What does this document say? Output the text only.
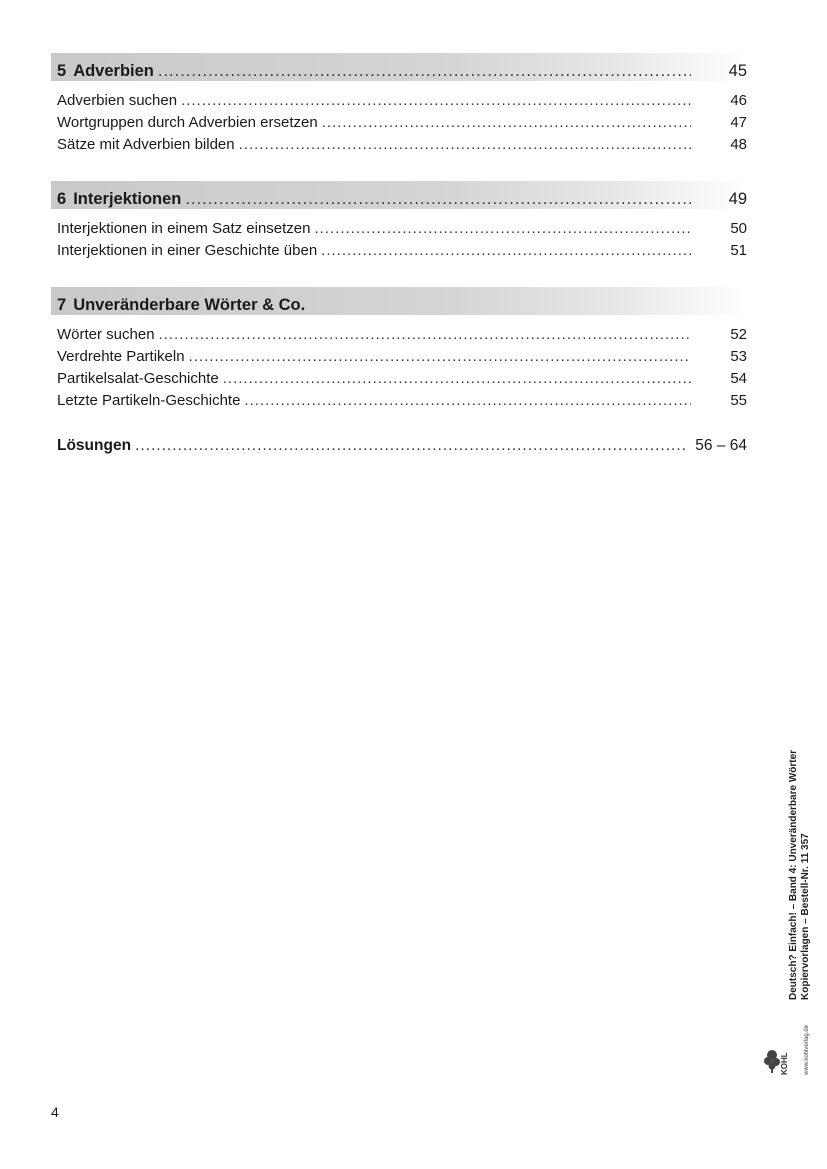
5 Adverbien .....	45
Adverbien suchen .....	46
Wortgruppen durch Adverbien ersetzen .....	47
Sätze mit Adverbien bilden .....	48
6 Interjektionen .....	49
Interjektionen in einem Satz einsetzen .....	50
Interjektionen in einer Geschichte üben .....	51
7 Unveränderbare Wörter & Co.
Wörter suchen .....	52
Verdrehte Partikeln .....	53
Partikelsalat-Geschichte .....	54
Letzte Partikeln-Geschichte .....	55
Lösungen .....	56 – 64
Deutsch? Einfach! – Band 4: Unveränderbare Wörter Kopiervorlagen – Bestell-Nr. 11 357
KOHL	www.kohlverlag.de
4
